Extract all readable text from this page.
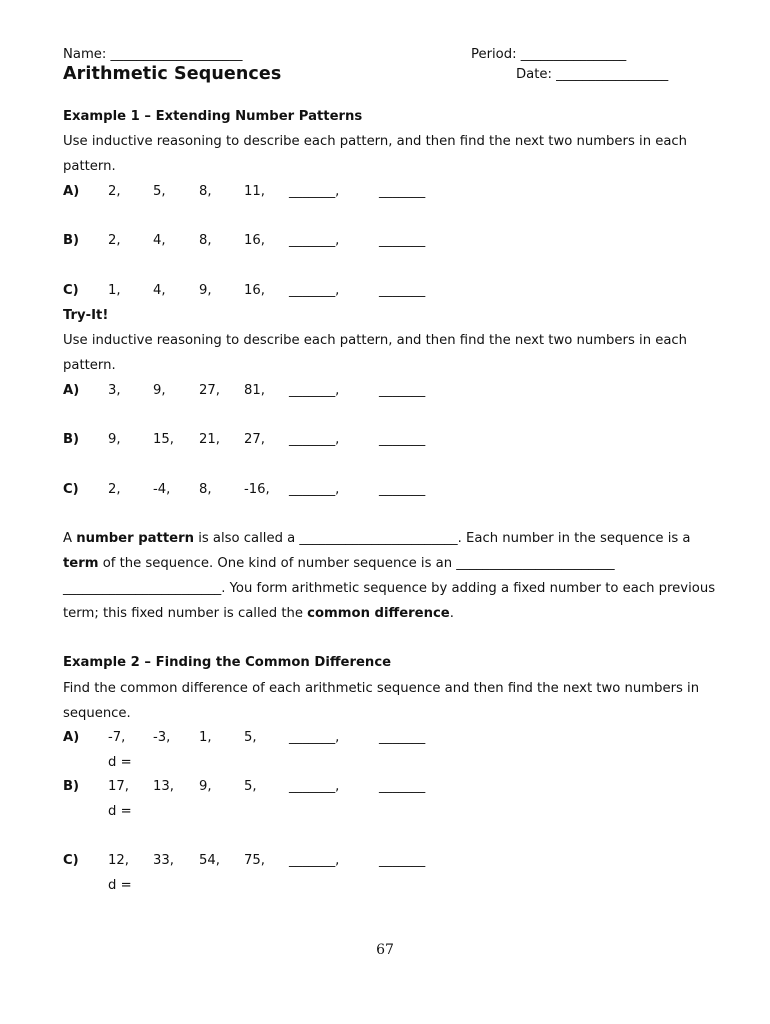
Name: ____________________	Period: ________________
Arithmetic Sequences	Date: _________________
Example 1 – Extending Number Patterns
Use inductive reasoning to describe each pattern, and then find the next two numbers in each pattern.
A) 2, 5,	8, 11, _______,	_______
B) 2, 4,	8, 16, _______,	_______
C) 1, 4,	9, 16, _______,	_______
Try-It!
Use inductive reasoning to describe each pattern, and then find the next two numbers in each pattern.
A) 3, 9,	27, 81, _______,	_______
B) 9, 15, 21, 27, _______,	_______
C) 2, -4, 8, -16, _______,	_______
A number pattern is also called a ________________________. Each number in the sequence is a term of the sequence. One kind of number sequence is an ________________________ ________________________. You form arithmetic sequence by adding a fixed number to each previous term; this fixed number is called the common difference.
Example 2 – Finding the Common Difference
Find the common difference of each arithmetic sequence and then find the next two numbers in sequence.
A) -7, -3, 1, 5, _______,	_______
d =
B) 17, 13, 9, 5, _______,	_______
d =
C) 12, 33, 54, 75, _______,	_______
d =
67
